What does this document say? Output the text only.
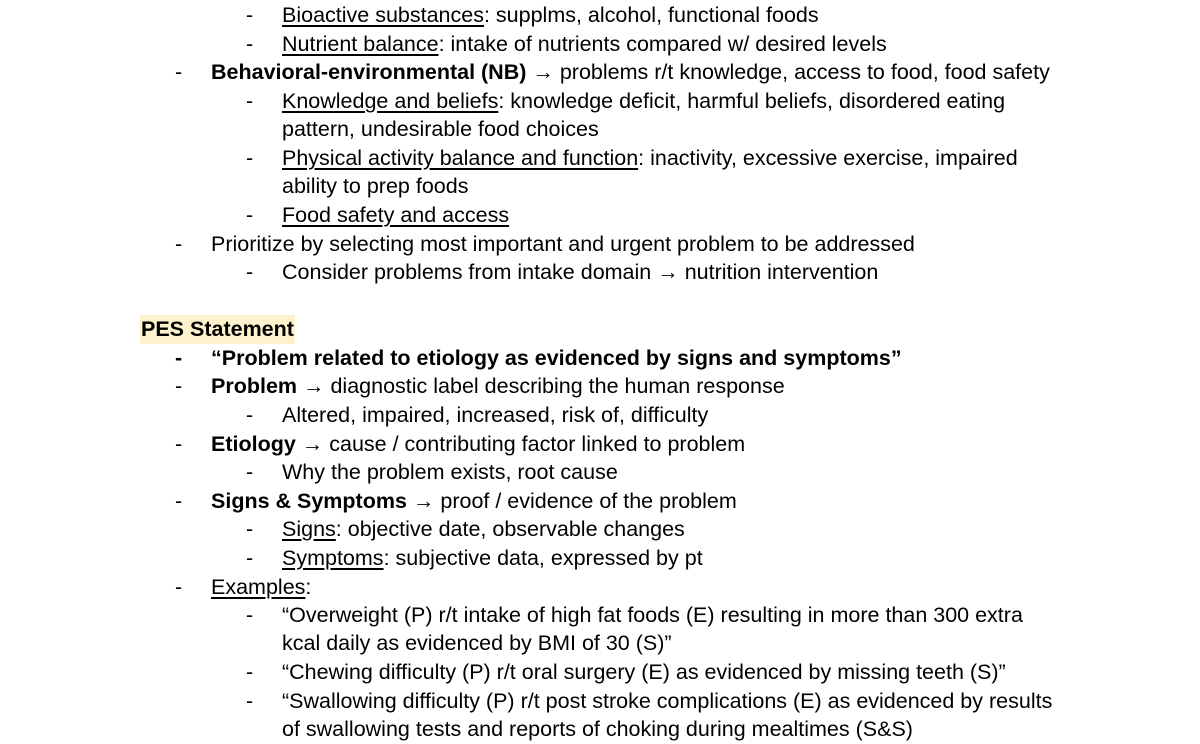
- Bioactive substances: supplms, alcohol, functional foods
- Nutrient balance: intake of nutrients compared w/ desired levels
- Behavioral-environmental (NB) → problems r/t knowledge, access to food, food safety
- Knowledge and beliefs: knowledge deficit, harmful beliefs, disordered eating
pattern, undesirable food choices
- Physical activity balance and function: inactivity, excessive exercise, impaired
ability to prep foods
- Food safety and access
- Prioritize by selecting most important and urgent problem to be addressed
- Consider problems from intake domain → nutrition intervention
PES Statement
- “Problem related to etiology as evidenced by signs and symptoms”
- Problem → diagnostic label describing the human response
- Altered, impaired, increased, risk of, difficulty
- Etiology → cause / contributing factor linked to problem
- Why the problem exists, root cause
- Signs & Symptoms → proof / evidence of the problem
- Signs: objective date, observable changes
- Symptoms: subjective data, expressed by pt
- Examples:
- “Overweight (P) r/t intake of high fat foods (E) resulting in more than 300 extra
kcal daily as evidenced by BMI of 30 (S)”
- “Chewing difficulty (P) r/t oral surgery (E) as evidenced by missing teeth (S)”
- “Swallowing difficulty (P) r/t post stroke complications (E) as evidenced by results
of swallowing tests and reports of choking during mealtimes (S&S)
